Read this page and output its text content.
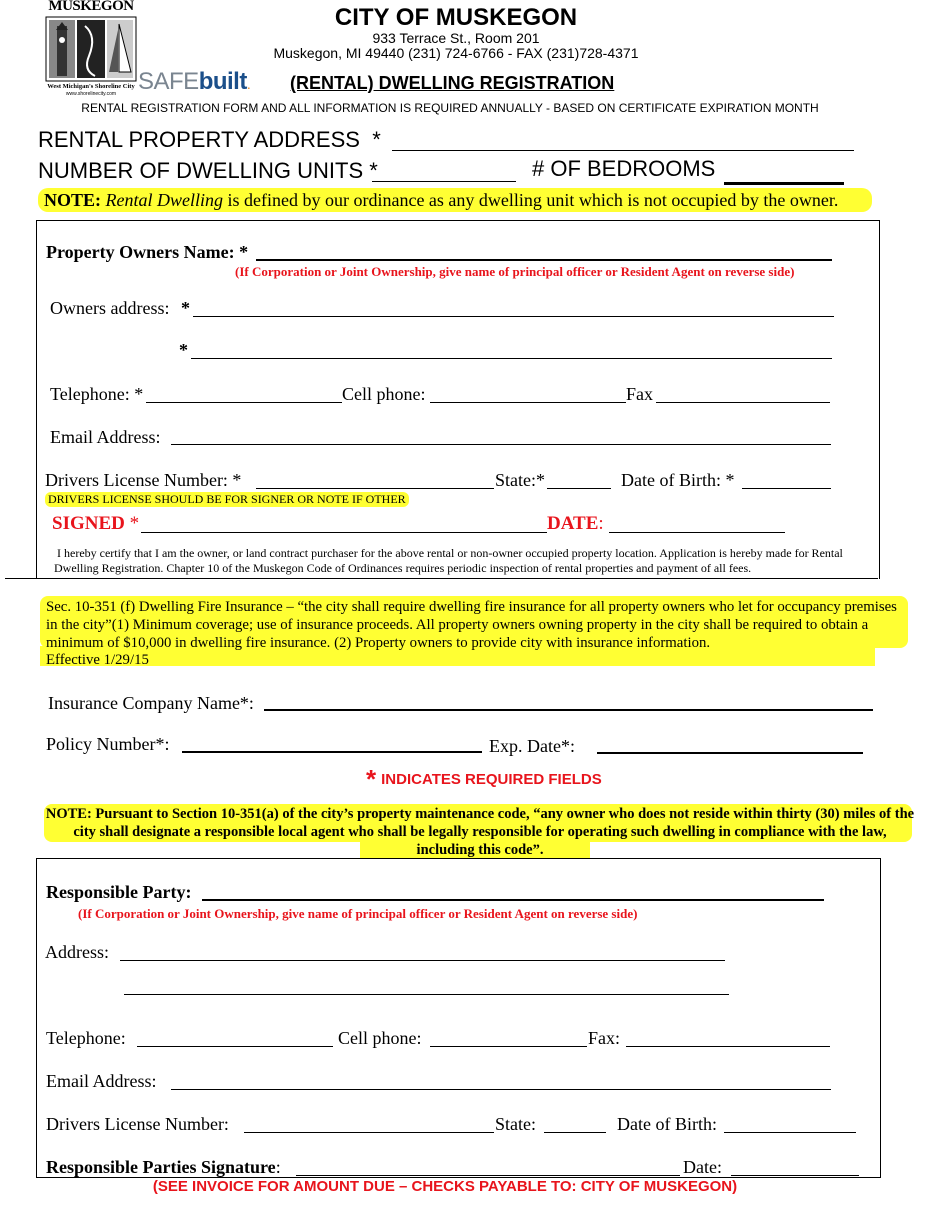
MUSKEGON
West Michigan's Shoreline City
www.shorelinecity.com SAFEbuilt.
CITY OF MUSKEGON
933 Terrace St., Room 201
Muskegon, MI 49440 (231) 724-6766 - FAX (231)728-4371
(RENTAL) DWELLING REGISTRATION
RENTAL REGISTRATION FORM AND ALL INFORMATION IS REQUIRED ANNUALLY - BASED ON CERTIFICATE EXPIRATION MONTH
RENTAL PROPERTY ADDRESS *
NUMBER OF DWELLING UNITS *	# OF BEDROOMS
NOTE: Rental Dwelling is defined by our ordinance as any dwelling unit which is not occupied by the owner.
Property Owners Name: *
(If Corporation or Joint Ownership, give name of principal officer or Resident Agent on reverse side)
Owners address: *
*
Telephone: *	Cell phone:	Fax
Email Address:
Drivers License Number: *	State:*	Date of Birth: *
DRIVERS LICENSE SHOULD BE FOR SIGNER OR NOTE IF OTHER
SIGNED *	DATE:
I hereby certify that I am the owner, or land contract purchaser for the above rental or non-owner occupied property location. Application is hereby made for Rental Dwelling Registration. Chapter 10 of the Muskegon Code of Ordinances requires periodic inspection of rental properties and payment of all fees.
Sec. 10-351 (f) Dwelling Fire Insurance – “the city shall require dwelling fire insurance for all property owners who let for occupancy premises in the city”(1) Minimum coverage; use of insurance proceeds. All property owners owning property in the city shall be required to obtain a minimum of $10,000 in dwelling fire insurance. (2) Property owners to provide city with insurance information.
Effective 1/29/15
Insurance Company Name*:
Policy Number*:	Exp. Date*:
* INDICATES REQUIRED FIELDS
NOTE: Pursuant to Section 10-351(a) of the city’s property maintenance code, “any owner who does not reside within thirty (30) miles of the city shall designate a responsible local agent who shall be legally responsible for operating such dwelling in compliance with the law, including this code”.
Responsible Party:
(If Corporation or Joint Ownership, give name of principal officer or Resident Agent on reverse side)
Address:
Telephone:	Cell phone:	Fax:
Email Address:
Drivers License Number:	State:	Date of Birth:
Responsible Parties Signature:	Date:
(SEE INVOICE FOR AMOUNT DUE – CHECKS PAYABLE TO: CITY OF MUSKEGON)
